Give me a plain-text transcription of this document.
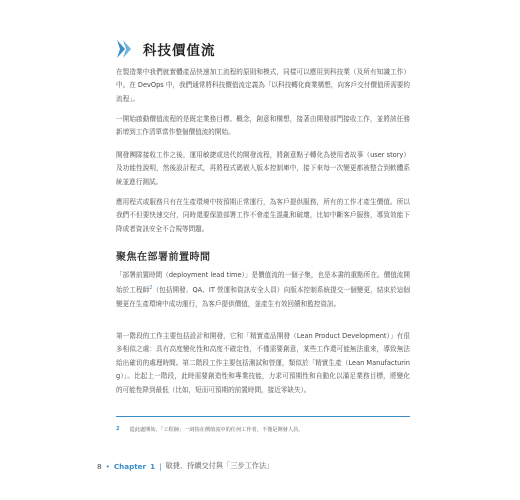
科技價值流

在製造業中我們就實體產品快速加工流程的原則和模式，同樣可以應用到科技業（及所有知識工作）中。在 DevOps 中，我們通常將科技價值流定義為「以科技轉化商業構想，向客戶交付價值所需要的流程」。

一開始啟動價值流程的是既定業務目標、概念，創意和構想，接著由開發部門接收工作，並將該任務新增到工作清單當作整個價值流的開始。

開發團隊接收工作之後，運用敏捷或迭代的開發流程，將創意點子轉化為使用者故事（user story）及功能性說明，然後設計程式，再將程式碼嵌入版本控制庫中，接下來每一次變更都被整合到軟體系統並進行測試。

應用程式或服務只有在生產環境中按預期正常運行，為客戶提供服務，所有的工作才產生價值。所以我們不但要快速交付，同時還要保證部署工作不會產生混亂和破壞，比如中斷客戶服務，導致效能下降或者資訊安全不合規等問題。

聚焦在部署前置時間

「部署前置時間（deployment lead time）」是價值流的一個子集，也是本書的重點所在。價值流開始於工程師$^2$（包括開發、QA、IT 營運和資訊安全人員）向版本控制系統提交一個變更，結束於這個變更在生產環境中成功運行，為客戶提供價值，並產生有效回饋和監控資訊。

第一階段的工作主要包括設計和開發，它和「精實產品開發（Lean Product Development）」有很多相似之處：具有高度變化性和高度不確定性，不僅需要創意，某些工作還可能無法重來，導致無法給出確切的處理時間。第二階段工作主要包括測試和營運，類似於「精實生產（Lean Manufacturing）」。比起上一階段，此時需要創造性和專業技能，力求可預期性和自動化以滿足業務目標，將變化的可能性降到最低（比如，短而可預期的前置時間，接近零缺失）。

2 從此處開始，「工程師」一詞指在價值流中的任何工作者，不僅是開發人員。
8 • Chapter 1 | 敏捷、持續交付與「三步工作法」
